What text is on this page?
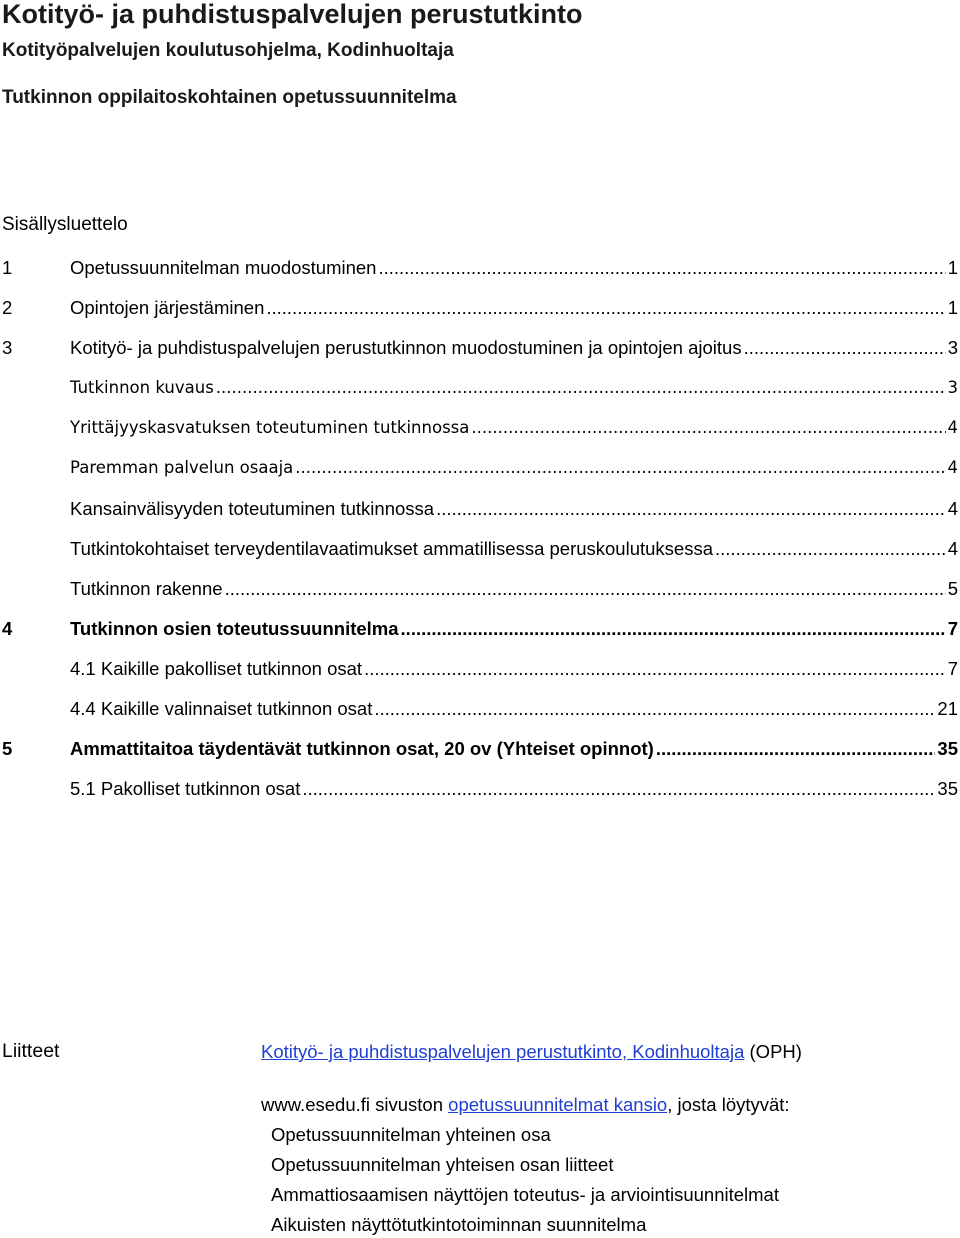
Kotityö- ja puhdistuspalvelujen perustutkinto
Kotityöpalvelujen koulutusohjelma, Kodinhuoltaja
Tutkinnon oppilaitoskohtainen opetussuunnitelma
Sisällysluettelo
1	Opetussuunnitelman muodostuminen .....	1
2	Opintojen järjestäminen .....	1
3	Kotityö- ja puhdistuspalvelujen perustutkinnon muodostuminen ja opintojen ajoitus .....	3
Tutkinnon kuvaus .....	3
Yrittäjyyskasvatuksen toteutuminen tutkinnossa .....	4
Paremman palvelun osaaja .....	4
Kansainvälisyyden toteutuminen tutkinnossa .....	4
Tutkintokohtaiset terveydentilavaatimukset ammatillisessa peruskoulutuksessa .....	4
Tutkinnon rakenne .....	5
4	Tutkinnon osien toteutussuunnitelma .....	7
4.1 Kaikille pakolliset tutkinnon osat .....	7
4.4 Kaikille valinnaiset tutkinnon osat .....	21
5	Ammattitaitoa täydentävät tutkinnon osat, 20 ov (Yhteiset opinnot) .....	35
5.1 Pakolliset tutkinnon osat .....	35
Liitteet	Kotityö- ja puhdistuspalvelujen perustutkinto, Kodinhuoltaja (OPH)
www.esedu.fi sivuston opetussuunnitelmat kansio, josta löytyvät:
Opetussuunnitelman yhteinen osa
Opetussuunnitelman yhteisen osan liitteet
Ammattiosaamisen näyttöjen toteutus- ja arviointisuunnitelmat
Aikuisten näyttötutkintotoiminnan suunnitelma
